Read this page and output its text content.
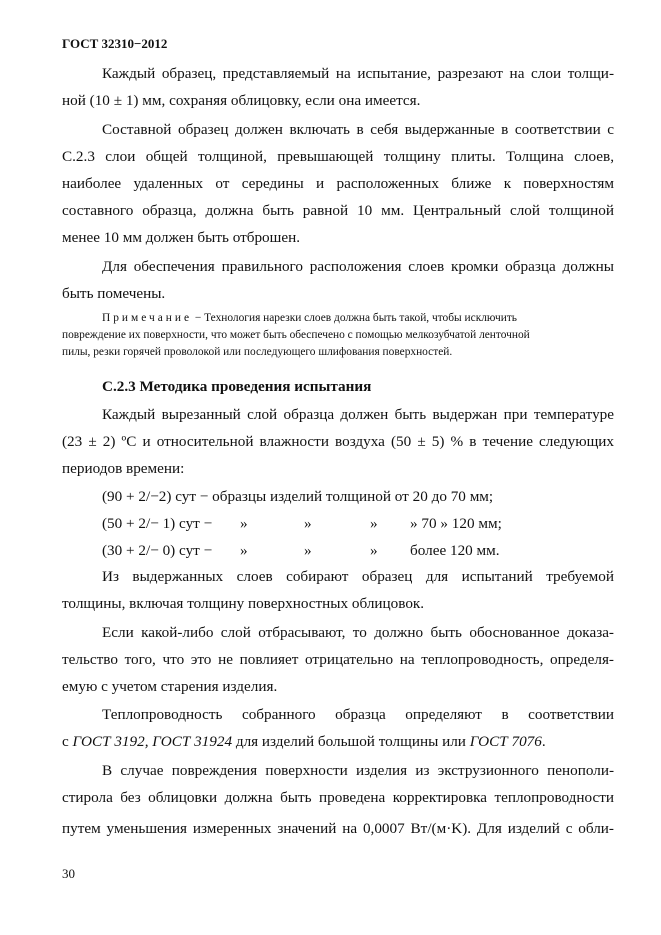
ГОСТ 32310−2012
Каждый образец, представляемый на испытание, разрезают на слои толщи-
ной (10 ± 1) мм, сохраняя облицовку, если она имеется.
Составной образец должен включать в себя выдержанные в соответствии с
С.2.3 слои общей толщиной, превышающей толщину плиты. Толщина слоев,
наиболее удаленных от середины и расположенных ближе к поверхностям
составного образца, должна быть равной 10 мм. Центральный слой толщиной
менее 10 мм должен быть отброшен.
Для обеспечения правильного расположения слоев кромки образца должны
быть помечены.
Примечание − Технология нарезки слоев должна быть такой, чтобы исключить
повреждение их поверхности, что может быть обеспечено с помощью мелкозубчатой ленточной
пилы, резки горячей проволокой или последующего шлифования поверхностей.
С.2.3 Методика проведения испытания
Каждый вырезанный слой образца должен быть выдержан при температуре
(23 ± 2) ºС и относительной влажности воздуха (50 ± 5) % в течение следующих
периодов времени:
(90 + 2/−2) сут − образцы изделий толщиной от 20 до 70 мм;
(50 + 2/− 1) сут − »	»	» » 70 » 120 мм;
(30 + 2/− 0) сут − »	»	» более 120 мм.
Из выдержанных слоев собирают образец для испытаний требуемой
толщины, включая толщину поверхностных облицовок.
Если какой-либо слой отбрасывают, то должно быть обоснованное доказа-
тельство того, что это не повлияет отрицательно на теплопроводность, определя-
емую с учетом старения изделия.
Теплопроводность собранного образца определяют в соответствии
с ГОСТ 3192, ГОСТ 31924 для изделий большой толщины или ГОСТ 7076.
В случае повреждения поверхности изделия из экструзионного пенополи-
стирола без облицовки должна быть проведена корректировка теплопроводности
путем уменьшения измеренных значений на 0,0007 Вт/(м·K). Для изделий с обли-
30
